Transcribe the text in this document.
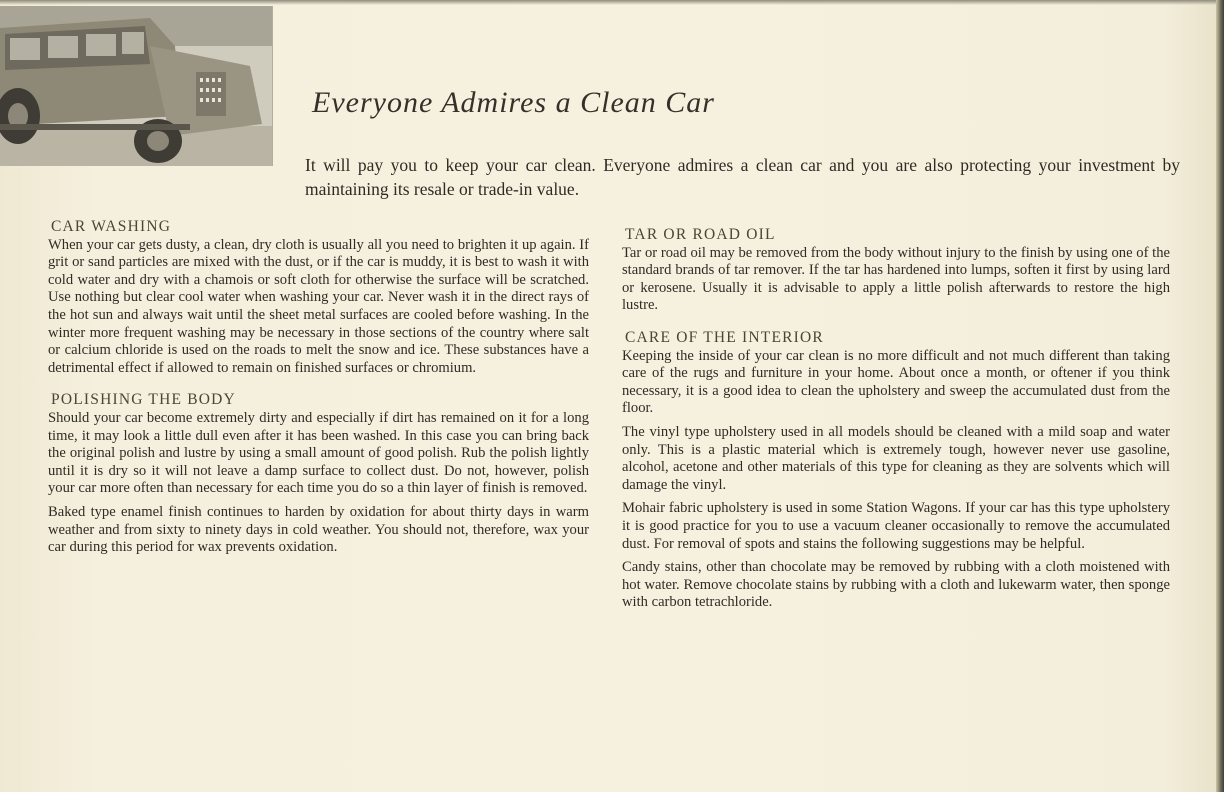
Everyone Admires a Clean Car

It will pay you to keep your car clean. Everyone admires a clean car and you are also protecting your investment by maintaining its resale or trade-in value.

CAR WASHING

When your car gets dusty, a clean, dry cloth is usually all you need to brighten it up again. If grit or sand particles are mixed with the dust, or if the car is muddy, it is best to wash it with cold water and dry with a chamois or soft cloth for otherwise the surface will be scratched. Use nothing but clear cool water when washing your car. Never wash it in the direct rays of the hot sun and always wait until the sheet metal surfaces are cooled before washing. In the winter more frequent washing may be necessary in those sections of the country where salt or calcium chloride is used on the roads to melt the snow and ice. These substances have a detrimental effect if allowed to remain on finished surfaces or chromium.

POLISHING THE BODY

Should your car become extremely dirty and especially if dirt has remained on it for a long time, it may look a little dull even after it has been washed. In this case you can bring back the original polish and lustre by using a small amount of good polish. Rub the polish lightly until it is dry so it will not leave a damp surface to collect dust. Do not, however, polish your car more often than necessary for each time you do so a thin layer of finish is removed.

Baked type enamel finish continues to harden by oxidation for about thirty days in warm weather and from sixty to ninety days in cold weather. You should not, therefore, wax your car during this period for wax prevents oxidation.

TAR OR ROAD OIL

Tar or road oil may be removed from the body without injury to the finish by using one of the standard brands of tar remover. If the tar has hardened into lumps, soften it first by using lard or kerosene. Usually it is advisable to apply a little polish afterwards to restore the high lustre.

CARE OF THE INTERIOR

Keeping the inside of your car clean is no more difficult and not much different than taking care of the rugs and furniture in your home. About once a month, or oftener if you think necessary, it is a good idea to clean the upholstery and sweep the accumulated dust from the floor.

The vinyl type upholstery used in all models should be cleaned with a mild soap and water only. This is a plastic material which is extremely tough, however never use gasoline, alcohol, acetone and other materials of this type for cleaning as they are solvents which will damage the vinyl.

Mohair fabric upholstery is used in some Station Wagons. If your car has this type upholstery it is good practice for you to use a vacuum cleaner occasionally to remove the accumulated dust. For removal of spots and stains the following suggestions may be helpful.

Candy stains, other than chocolate may be removed by rubbing with a cloth moistened with hot water. Remove chocolate stains by rubbing with a cloth and lukewarm water, then sponge with carbon tetrachloride.
